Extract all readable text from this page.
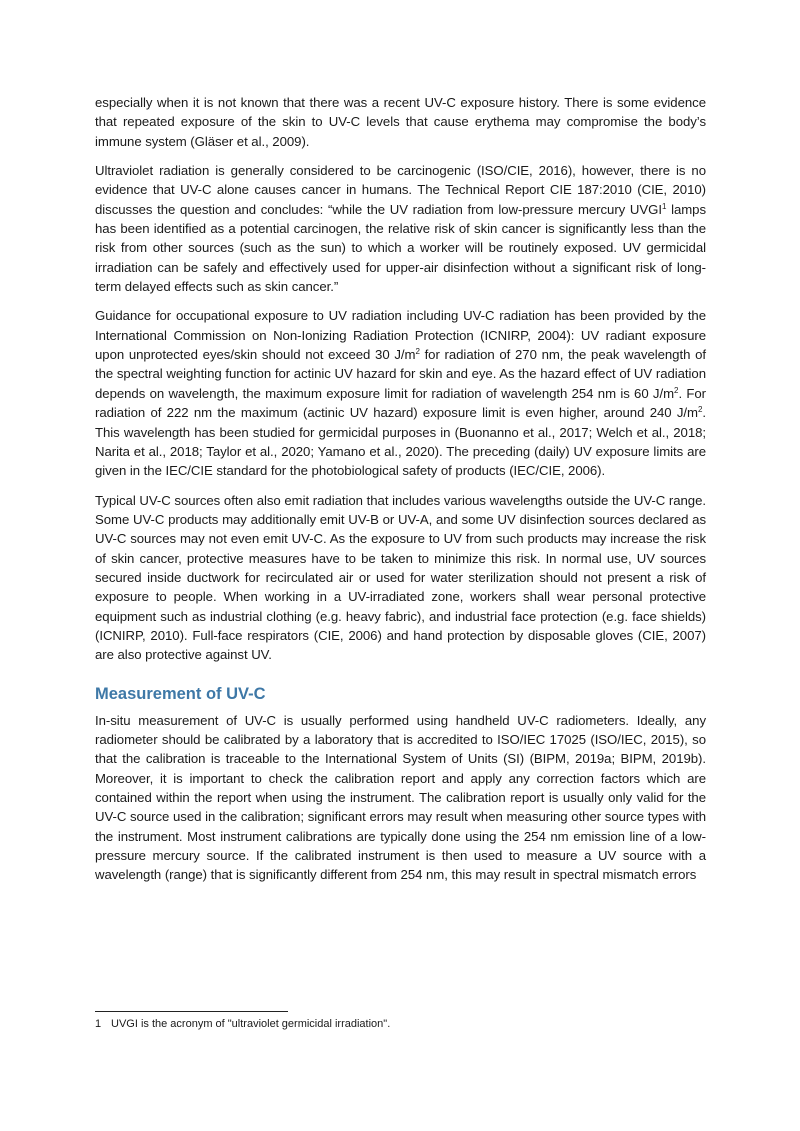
especially when it is not known that there was a recent UV-C exposure history. There is some evidence that repeated exposure of the skin to UV-C levels that cause erythema may compromise the body’s immune system (Gläser et al., 2009).

Ultraviolet radiation is generally considered to be carcinogenic (ISO/CIE, 2016), however, there is no evidence that UV-C alone causes cancer in humans. The Technical Report CIE 187:2010 (CIE, 2010) discusses the question and concludes: “while the UV radiation from low-pressure mercury UVGI$^1$ lamps has been identified as a potential carcinogen, the relative risk of skin cancer is significantly less than the risk from other sources (such as the sun) to which a worker will be routinely exposed. UV germicidal irradiation can be safely and effectively used for upper-air disinfection without a significant risk of long-term delayed effects such as skin cancer.”

Guidance for occupational exposure to UV radiation including UV-C radiation has been provided by the International Commission on Non-Ionizing Radiation Protection (ICNIRP, 2004): UV radiant exposure upon unprotected eyes/skin should not exceed 30 $J/m^2$ for radiation of 270 nm, the peak wavelength of the spectral weighting function for actinic UV hazard for skin and eye. As the hazard effect of UV radiation depends on wavelength, the maximum exposure limit for radiation of wavelength 254 nm is 60 $J/m^2$. For radiation of 222 nm the maximum (actinic UV hazard) exposure limit is even higher, around 240 $J/m^2$. This wavelength has been studied for germicidal purposes in (Buonanno et al., 2017; Welch et al., 2018; Narita et al., 2018; Taylor et al., 2020; Yamano et al., 2020). The preceding (daily) UV exposure limits are given in the IEC/CIE standard for the photobiological safety of products (IEC/CIE, 2006).

Typical UV-C sources often also emit radiation that includes various wavelengths outside the UV-C range. Some UV-C products may additionally emit UV-B or UV-A, and some UV disinfection sources declared as UV-C sources may not even emit UV-C. As the exposure to UV from such products may increase the risk of skin cancer, protective measures have to be taken to minimize this risk. In normal use, UV sources secured inside ductwork for recirculated air or used for water sterilization should not present a risk of exposure to people. When working in a UV-irradiated zone, workers shall wear personal protective equipment such as industrial clothing (e.g. heavy fabric), and industrial face protection (e.g. face shields) (ICNIRP, 2010). Full-face respirators (CIE, 2006) and hand protection by disposable gloves (CIE, 2007) are also protective against UV.

Measurement of UV-C

In-situ measurement of UV-C is usually performed using handheld UV-C radiometers. Ideally, any radiometer should be calibrated by a laboratory that is accredited to ISO/IEC 17025 (ISO/IEC, 2015), so that the calibration is traceable to the International System of Units (SI) (BIPM, 2019a; BIPM, 2019b). Moreover, it is important to check the calibration report and apply any correction factors which are contained within the report when using the instrument. The calibration report is usually only valid for the UV-C source used in the calibration; significant errors may result when measuring other source types with the instrument. Most instrument calibrations are typically done using the 254 nm emission line of a low-pressure mercury source. If the calibrated instrument is then used to measure a UV source with a wavelength (range) that is significantly different from 254 nm, this may result in spectral mismatch errors

1 UVGI is the acronym of "ultraviolet germicidal irradiation".
